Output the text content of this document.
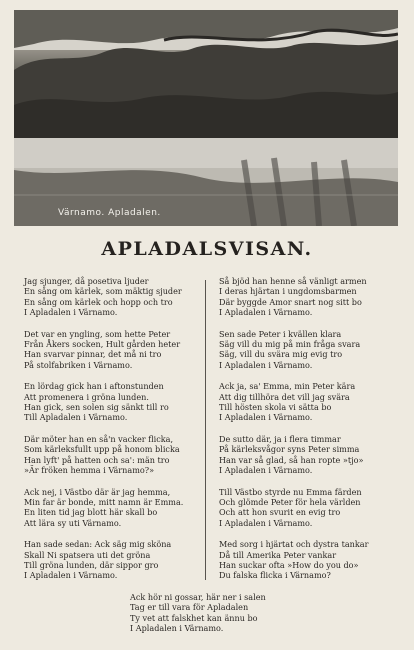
Värnamo. Apladalen.
APLADALSVISAN.
Jag sjunger, då posetiva ljuder
En sång om kärlek, som mäktig sjuder
En sång om kärlek och hopp och tro
I Apladalen i Värnamo.
Det var en yngling, som hette Peter
Från Åkers socken, Hult gården heter
Han svarvar pinnar, det må ni tro
På stolfabriken i Värnamo.
En lördag gick han i aftonstunden
Att promenera i gröna lunden.
Han gick, sen solen sig sänkt till ro
Till Apladalen i Värnamo.
Där möter han en så'n vacker flicka,
Som kärleksfullt upp på honom blicka
Han lyft' på hatten och sa': män tro
»Är fröken hemma i Värnamo?»
Ack nej, i Västbo där är jag hemma,
Min far är bonde, mitt namn är Emma.
En liten tid jag blott här skall bo
Att lära sy uti Värnamo.
Han sade sedan: Ack säg mig sköna
Skall Ni spatsera uti det gröna
Till gröna lunden, där sippor gro
I Apladalen i Värnamo.
Så bjöd han henne så vänligt armen
I deras hjärtan i ungdomsbarmen
Där byggde Amor snart nog sitt bo
I Apladalen i Värnamo.
Sen sade Peter i kvällen klara
Säg vill du mig på min fråga svara
Säg, vill du svära mig evig tro
I Apladalen i Värnamo.
Ack ja, sa' Emma, min Peter kära
Att dig tillhöra det vill jag svära
Till hösten skola vi sätta bo
I Apladalen i Värnamo.
De sutto där, ja i flera timmar
På kärleksvågor syns Peter simma
Han var så glad, så han ropte »tjo»
I Apladalen i Värnamo.
Till Västbo styrde nu Emma färden
Och glömde Peter för hela världen
Och att hon svurit en evig tro
I Apladalen i Värnamo.
Med sorg i hjärtat och dystra tankar
Då till Amerika Peter vankar
Han suckar ofta »How do you do»
Du falska flicka i Värnamo?
Ack hör ni gossar, här ner i salen
Tag er till vara för Apladalen
Ty vet att falskhet kan ännu bo
I Apladalen i Värnamo.
